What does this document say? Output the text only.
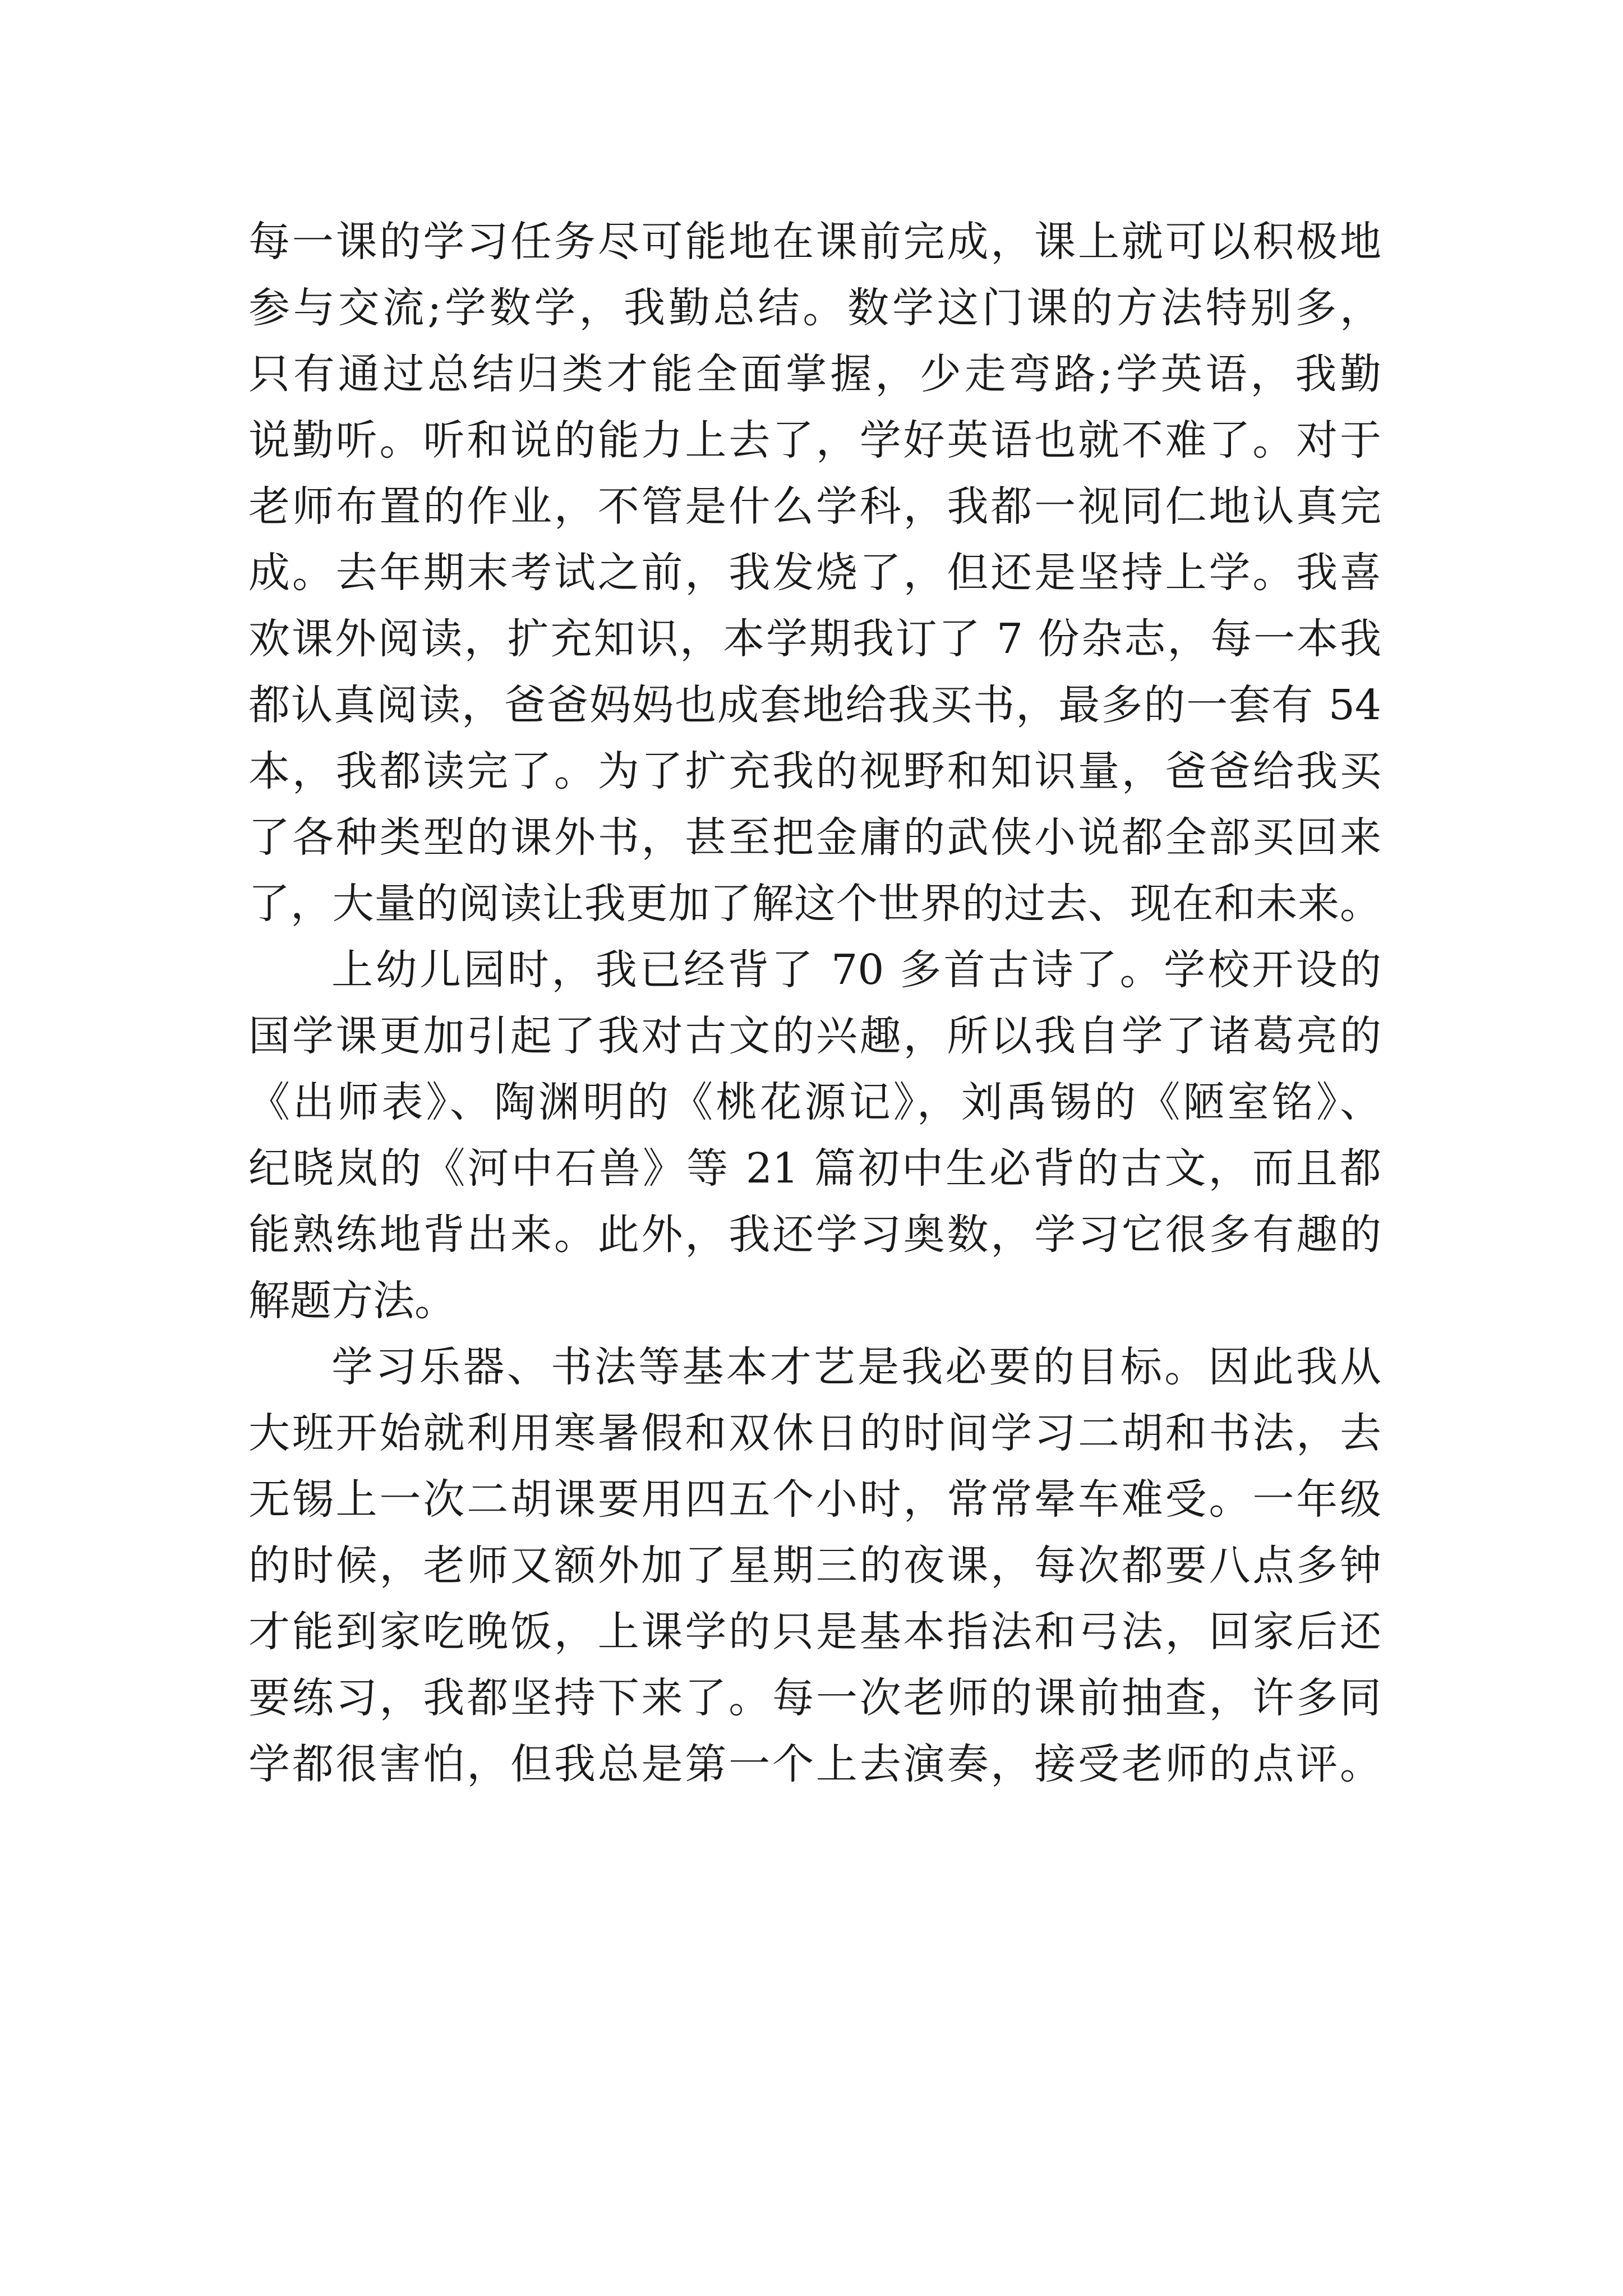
每一课的学习任务尽可能地在课前完成，课上就可以积极地
参与交流;学数学，我勤总结。数学这门课的方法特别多，
只有通过总结归类才能全面掌握，少走弯路;学英语，我勤
说勤听。听和说的能力上去了，学好英语也就不难了。对于
老师布置的作业，不管是什么学科，我都一视同仁地认真完
成。去年期末考试之前，我发烧了，但还是坚持上学。我喜
欢课外阅读，扩充知识，本学期我订了 7 份杂志，每一本我
都认真阅读，爸爸妈妈也成套地给我买书，最多的一套有 54
本，我都读完了。为了扩充我的视野和知识量，爸爸给我买
了各种类型的课外书，甚至把金庸的武侠小说都全部买回来
了，大量的阅读让我更加了解这个世界的过去、现在和未来。
上幼儿园时，我已经背了 70 多首古诗了。学校开设的
国学课更加引起了我对古文的兴趣，所以我自学了诸葛亮的
《出师表》、陶渊明的《桃花源记》，刘禹锡的《陋室铭》、
纪晓岚的《河中石兽》等 21 篇初中生必背的古文，而且都
能熟练地背出来。此外，我还学习奥数，学习它很多有趣的
解题方法。
学习乐器、书法等基本才艺是我必要的目标。因此我从
大班开始就利用寒暑假和双休日的时间学习二胡和书法，去
无锡上一次二胡课要用四五个小时，常常晕车难受。一年级
的时候，老师又额外加了星期三的夜课，每次都要八点多钟
才能到家吃晚饭，上课学的只是基本指法和弓法，回家后还
要练习，我都坚持下来了。每一次老师的课前抽查，许多同
学都很害怕，但我总是第一个上去演奏，接受老师的点评。
